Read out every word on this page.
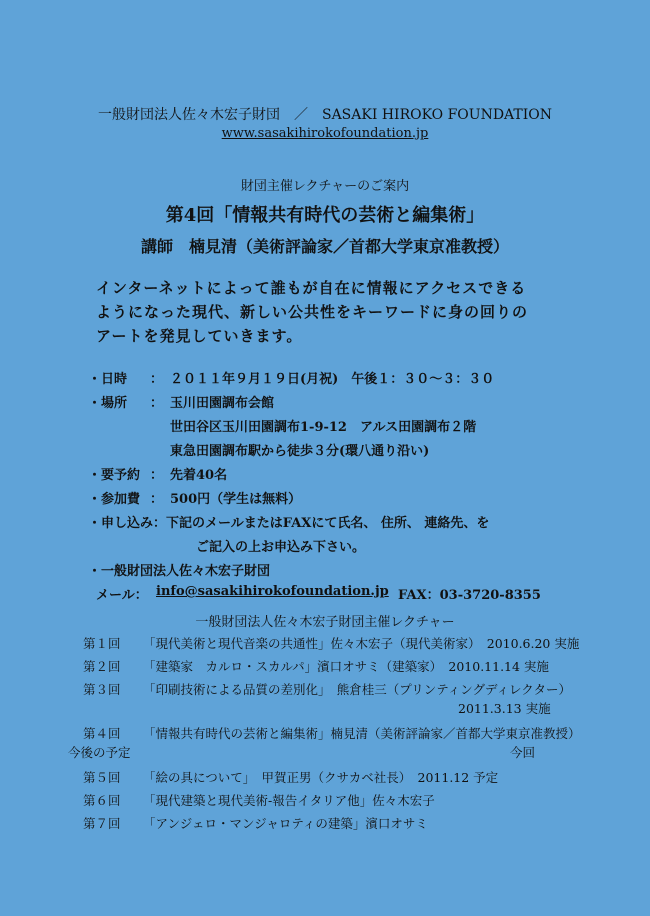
一般財団法人佐々木宏子財団　／　SASAKI HIROKO FOUNDATION
www.sasakihirokofoundation.jp
財団主催レクチャーのご案内
第4回「情報共有時代の芸術と編集術」
講師　楠見清（美術評論家／首都大学東京准教授）
インターネットによって誰もが自在に情報にアクセスできる
ようになった現代、新しい公共性をキーワードに身の回りの
アートを発見していきます。
・日時 ： ２０１１年９月１９日(月祝)　午後１：３０～３：３０
・場所 ： 玉川田園調布会館
世田谷区玉川田園調布1-9-12　アルス田園調布２階
東急田園調布駅から徒歩３分(環八通り沿い)
・要予約 ： 先着40名
・参加費 ： 500円（学生は無料）
・申し込み：下記のメールまたはFAXにて氏名、 住所、 連絡先、を
ご記入の上お申込み下さい。
・一般財団法人佐々木宏子財団
メール： info@sasakihirokofoundation.jp FAX：03-3720-8355
一般財団法人佐々木宏子財団主催レクチャー
第１回 「現代美術と現代音楽の共通性」佐々木宏子（現代美術家）　2010.6.20 実施
第２回 「建築家　カルロ・スカルパ」濱口オサミ（建築家）　2010.11.14 実施
第３回 「印刷技術による品質の差別化」　熊倉桂三（プリンティングディレクター）
2011.3.13 実施
第４回 「情報共有時代の芸術と編集術」楠見清（美術評論家／首都大学東京准教授）
今後の予定	今回
第５回 「絵の具について」　甲賀正男（クサカベ社長）　2011.12 予定
第６回 「現代建築と現代美術-報告イタリア他」佐々木宏子
第７回 「アンジェロ・マンジャロティの建築」濱口オサミ
